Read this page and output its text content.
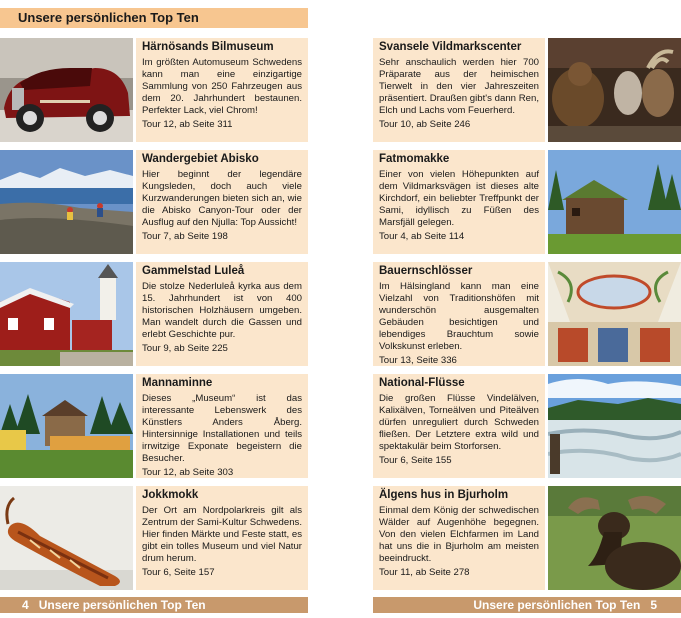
Unsere persönlichen Top Ten
Härnösands Bilmuseum
Im größten Automuseum Schwedens kann man eine einzigartige Sammlung von 250 Fahrzeugen aus dem 20. Jahrhundert bestaunen. Perfekter Lack, viel Chrom!
Tour 12, ab Seite 311
Wandergebiet Abisko
Hier beginnt der legendäre Kungsleden, doch auch viele Kurzwanderungen bieten sich an, wie die Abisko Canyon-Tour oder der Ausflug auf den Njulla: Top Aussicht!
Tour 7, ab Seite 198
Gammelstad Luleå
Die stolze Nederluleå kyrka aus dem 15. Jahrhundert ist von 400 historischen Holzhäusern umgeben. Man wandelt durch die Gassen und erlebt Geschichte pur.
Tour 9, ab Seite 225
Mannaminne
Dieses „Museum“ ist das interessante Lebenswerk des Künstlers Anders Åberg. Hintersinnige Installationen und teils irrwitzige Exponate begeistern die Besucher.
Tour 12, ab Seite 303
Jokkmokk
Der Ort am Nordpolarkreis gilt als Zentrum der Sami-Kultur Schwedens. Hier finden Märkte und Feste statt, es gibt ein tolles Museum und viel Natur drum herum.
Tour 6, Seite 157
4 Unsere persönlichen Top Ten
Svansele Vildmarkscenter
Sehr anschaulich werden hier 700 Präparate aus der heimischen Tierwelt in den vier Jahreszeiten präsentiert. Draußen gibt's dann Ren, Elch und Lachs vom Feuerherd.
Tour 10, ab Seite 246
Fatmomakke
Einer von vielen Höhepunkten auf dem Vildmarksvägen ist dieses alte Kirchdorf, ein beliebter Treffpunkt der Sami, idyllisch zu Füßen des Marsfjäll gelegen.
Tour 4, ab Seite 114
Bauernschlösser
Im Hälsingland kann man eine Vielzahl von Traditionshöfen mit wunderschön ausgemalten Gebäuden besichtigen und lebendiges Brauchtum sowie Volkskunst erleben.
Tour 13, Seite 336
National-Flüsse
Die großen Flüsse Vindelälven, Kalixälven, Torneälven und Piteälven dürfen unreguliert durch Schweden fließen. Der Letztere extra wild und spektakulär beim Storforsen.
Tour 6, Seite 155
Älgens hus in Bjurholm
Einmal dem König der schwedischen Wälder auf Augenhöhe begegnen. Von den vielen Elchfarmen im Land hat uns die in Bjurholm am meisten beeindruckt.
Tour 11, ab Seite 278
Unsere persönlichen Top Ten 5
